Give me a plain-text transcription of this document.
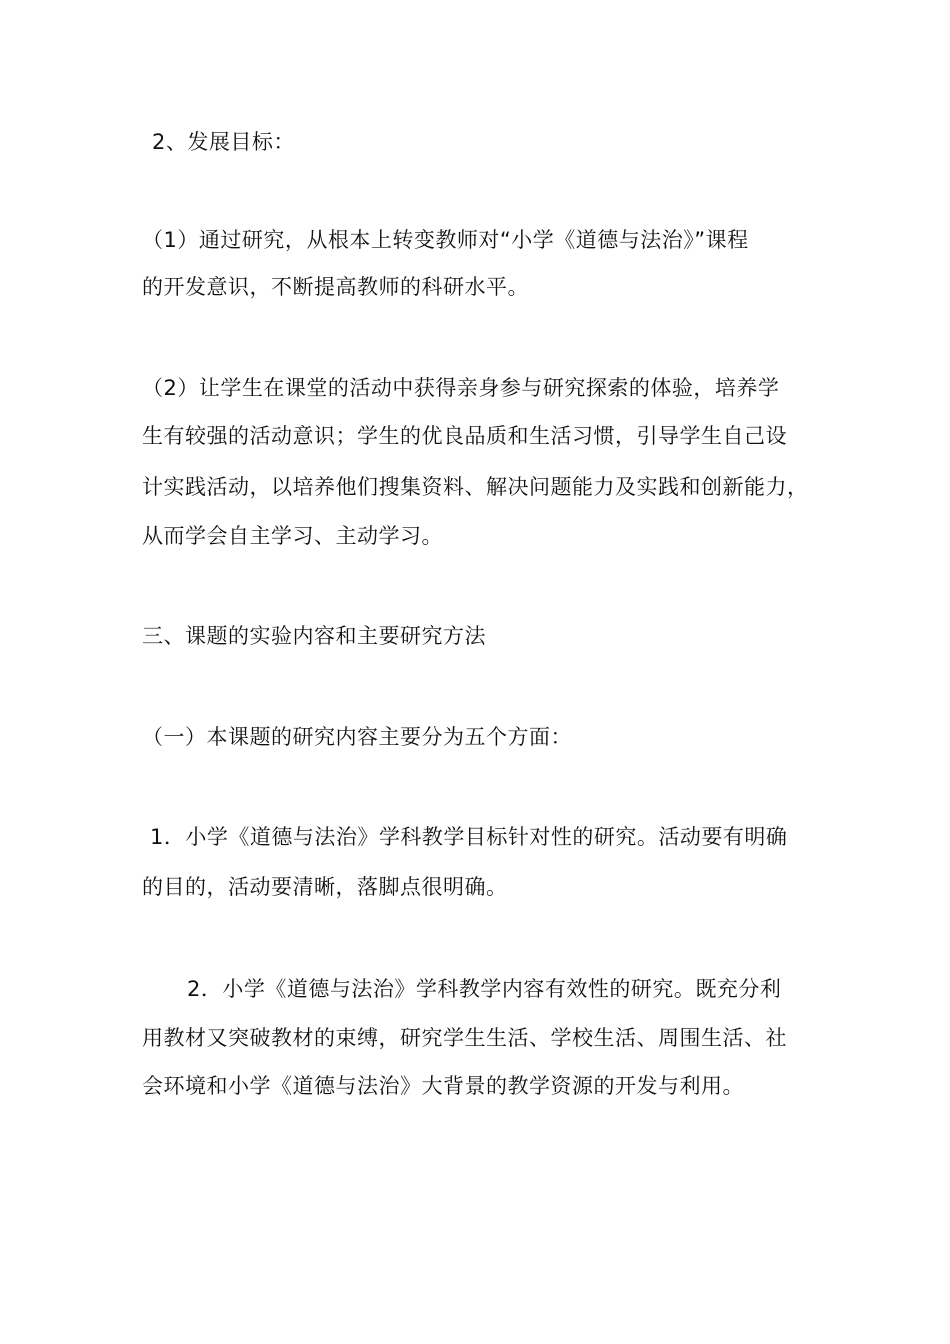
2、发展目标：
（1）通过研究，从根本上转变教师对“小学《道德与法治》”课程
的开发意识，不断提高教师的科研水平。
（2）让学生在课堂的活动中获得亲身参与研究探索的体验，培养学
生有较强的活动意识；学生的优良品质和生活习惯，引导学生自己设
计实践活动，以培养他们搜集资料、解决问题能力及实践和创新能力，
从而学会自主学习、主动学习。
三、课题的实验内容和主要研究方法
（一）本课题的研究内容主要分为五个方面：
1．小学《道德与法治》学科教学目标针对性的研究。活动要有明确
的目的，活动要清晰，落脚点很明确。
2．小学《道德与法治》学科教学内容有效性的研究。既充分利
用教材又突破教材的束缚，研究学生生活、学校生活、周围生活、社
会环境和小学《道德与法治》大背景的教学资源的开发与利用。
